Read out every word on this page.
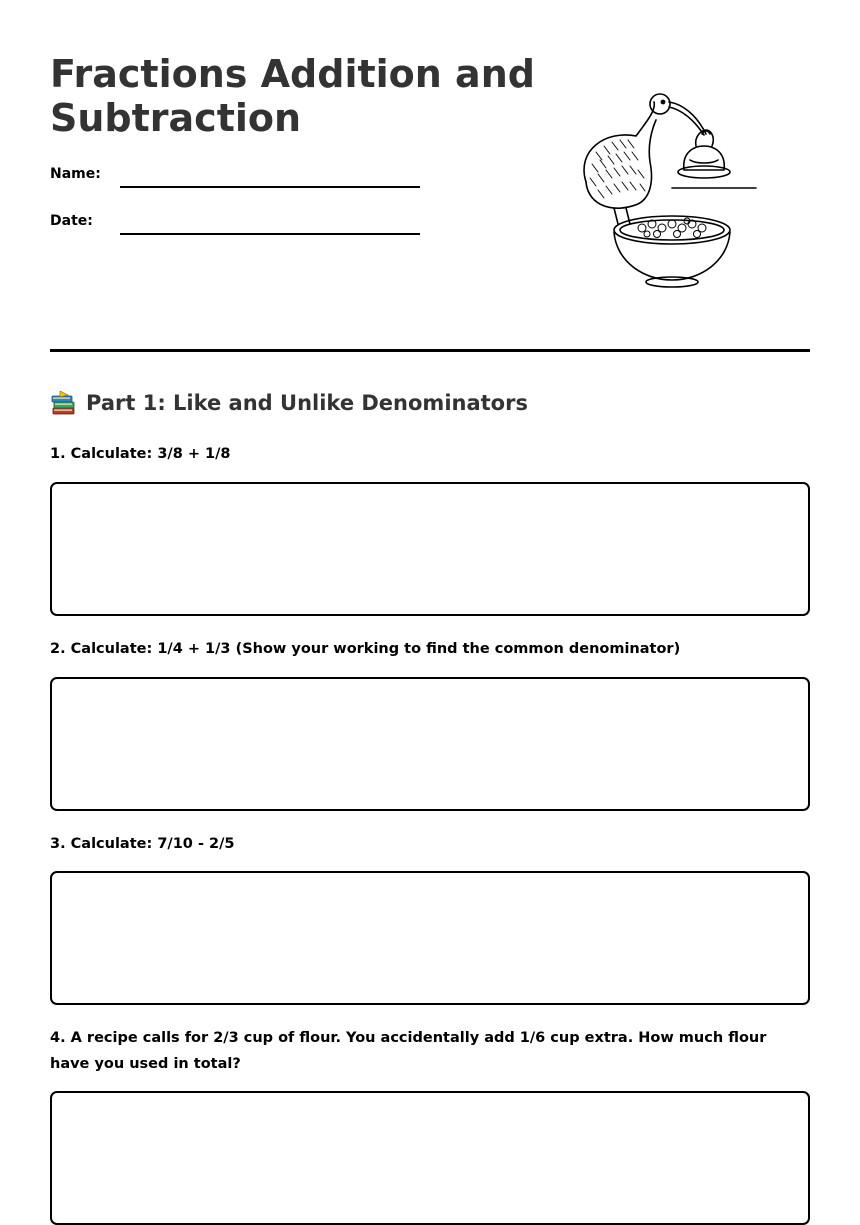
Fractions Addition and Subtraction
Name:
Date:
Part 1: Like and Unlike Denominators

1. Calculate: 3/8 + 1/8

2. Calculate: 1/4 + 1/3 (Show your working to find the common denominator)

3. Calculate: 7/10 - 2/5

4. A recipe calls for 2/3 cup of flour. You accidentally add 1/6 cup extra. How much flour have you used in total?
